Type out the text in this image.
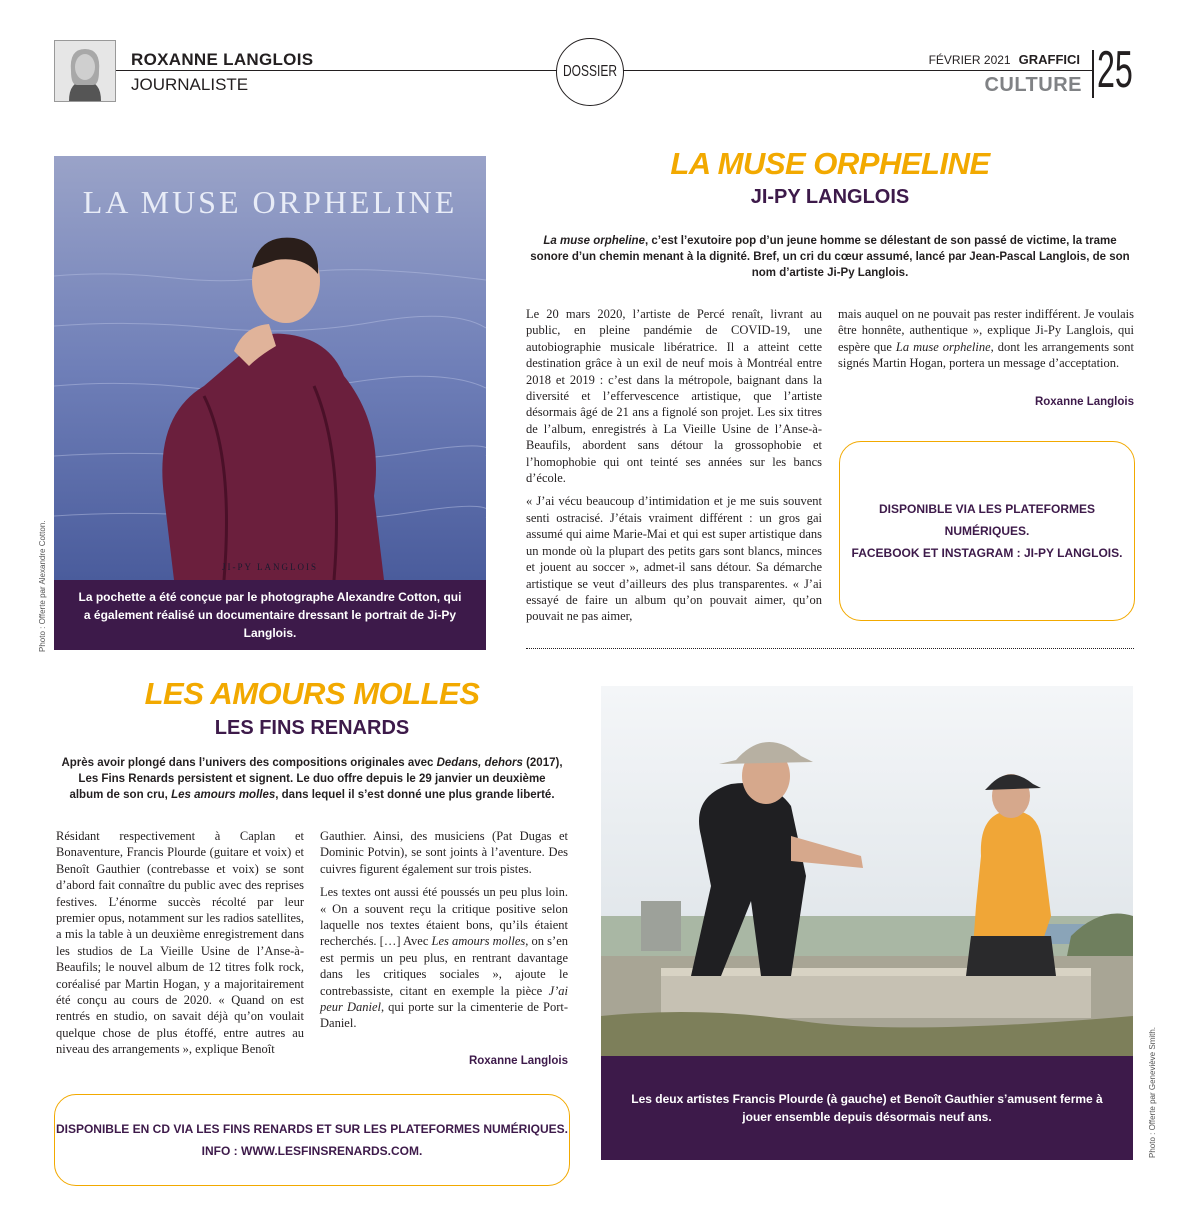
ROXANNE LANGLOIS
JOURNALISTE
DOSSIER
FÉVRIER 2021 GRAFFICI
CULTURE 25
JI-PY LANGLOIS
LA MUSE ORPHELINE
La pochette a été conçue par le photographe Alexandre Cotton, qui a également réalisé un documentaire dressant le portrait de Ji-Py Langlois.
Photo : Offerte par Alexandre Cotton.
LA MUSE ORPHELINE
JI-PY LANGLOIS
La muse orpheline, c’est l’exutoire pop d’un jeune homme se délestant de son passé de victime, la trame sonore d’un chemin menant à la dignité. Bref, un cri du cœur assumé, lancé par Jean-Pascal Langlois, de son nom d’artiste Ji-Py Langlois.

Le 20 mars 2020, l’artiste de Percé renaît, livrant au public, en pleine pandémie de COVID-19, une autobiographie musicale libératrice. Il a atteint cette destination grâce à un exil de neuf mois à Montréal entre 2018 et 2019 : c’est dans la métropole, baignant dans la diversité et l’effervescence artistique, que l’artiste désormais âgé de 21 ans a fignolé son projet. Les six titres de l’album, enregistrés à La Vieille Usine de l’Anse-à-Beaufils, abordent sans détour la grossophobie et l’homophobie qui ont teinté ses années sur les bancs d’école.

« J’ai vécu beaucoup d’intimidation et je me suis souvent senti ostracisé. J’étais vraiment différent : un gros gai assumé qui aime Marie-Mai et qui est super artistique dans un monde où la plupart des petits gars sont blancs, minces et jouent au soccer », admet-il sans détour. Sa démarche artistique se veut d’ailleurs des plus transparentes. « J’ai essayé de faire un album qu’on pouvait aimer, qu’on pouvait ne pas aimer,

mais auquel on ne pouvait pas rester indifférent. Je voulais être honnête, authentique », explique Ji-Py Langlois, qui espère que La muse orpheline, dont les arrangements sont signés Martin Hogan, portera un message d’acceptation.

Roxanne Langlois
DISPONIBLE VIA LES PLATEFORMES NUMÉRIQUES.
FACEBOOK ET INSTAGRAM : JI-PY LANGLOIS.
LES AMOURS MOLLES
LES FINS RENARDS
Après avoir plongé dans l’univers des compositions originales avec Dedans, dehors (2017), Les Fins Renards persistent et signent. Le duo offre depuis le 29 janvier un deuxième album de son cru, Les amours molles, dans lequel il s’est donné une plus grande liberté.

Résidant respectivement à Caplan et Bonaventure, Francis Plourde (guitare et voix) et Benoît Gauthier (contrebasse et voix) se sont d’abord fait connaître du public avec des reprises festives. L’énorme succès récolté par leur premier opus, notamment sur les radios satellites, a mis la table à un deuxième enregistrement dans les studios de La Vieille Usine de l’Anse-à-Beaufils; le nouvel album de 12 titres folk rock, coréalisé par Martin Hogan, y a majoritairement été conçu au cours de 2020. « Quand on est rentrés en studio, on savait déjà qu’on voulait quelque chose de plus étoffé, entre autres au niveau des arrangements », explique Benoît

Gauthier. Ainsi, des musiciens (Pat Dugas et Dominic Potvin), se sont joints à l’aventure. Des cuivres figurent également sur trois pistes.

Les textes ont aussi été poussés un peu plus loin. « On a souvent reçu la critique positive selon laquelle nos textes étaient bons, qu’ils étaient recherchés. […] Avec Les amours molles, on s’en est permis un peu plus, en rentrant davantage dans les critiques sociales », ajoute le contrebassiste, citant en exemple la pièce J’ai peur Daniel, qui porte sur la cimenterie de Port-Daniel.

Roxanne Langlois
DISPONIBLE EN CD VIA LES FINS RENARDS ET SUR LES PLATEFORMES NUMÉRIQUES.
INFO : WWW.LESFINSRENARDS.COM.
Les deux artistes Francis Plourde (à gauche) et Benoît Gauthier s’amusent ferme à jouer ensemble depuis désormais neuf ans.	Photo : Offerte par Geneviève Smith.
